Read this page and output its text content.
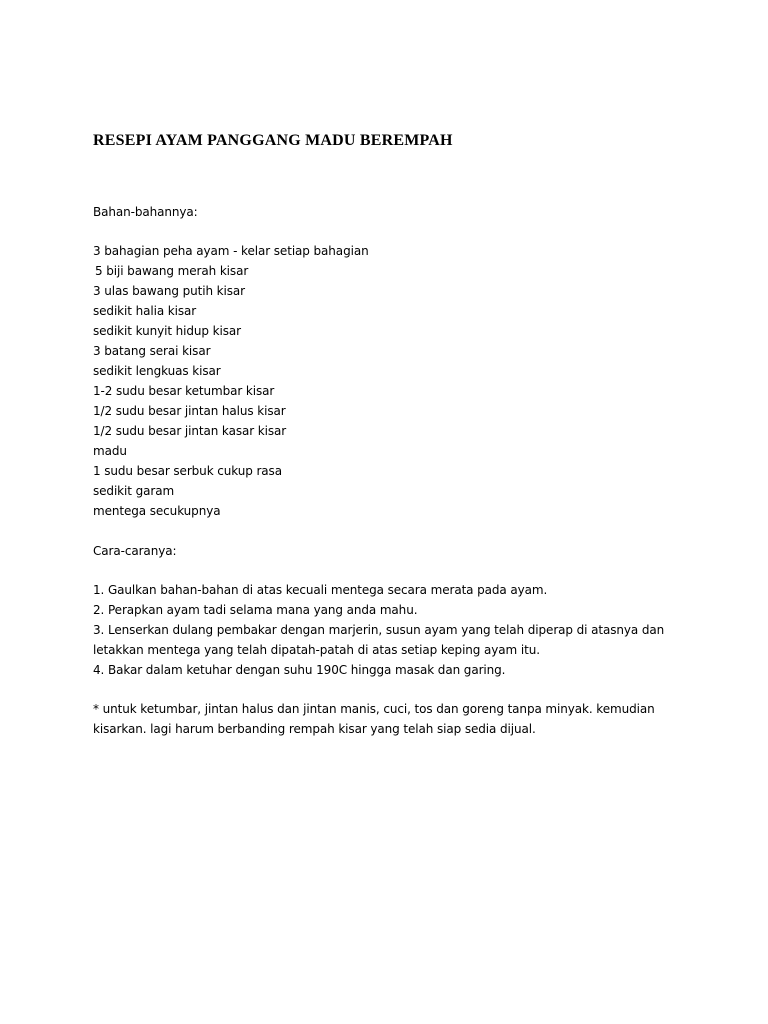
RESEPI AYAM PANGGANG MADU BEREMPAH

Bahan-bahannya:

3 bahagian peha ayam - kelar setiap bahagian
5 biji bawang merah kisar
3 ulas bawang putih kisar
sedikit halia kisar
sedikit kunyit hidup kisar
3 batang serai kisar
sedikit lengkuas kisar
1-2 sudu besar ketumbar kisar
1/2 sudu besar jintan halus kisar
1/2 sudu besar jintan kasar kisar
madu
1 sudu besar serbuk cukup rasa
sedikit garam
mentega secukupnya

Cara-caranya:

1. Gaulkan bahan-bahan di atas kecuali mentega secara merata pada ayam.
2. Perapkan ayam tadi selama mana yang anda mahu.
3. Lenserkan dulang pembakar dengan marjerin, susun ayam yang telah diperap di atasnya dan
letakkan mentega yang telah dipatah-patah di atas setiap keping ayam itu.
4. Bakar dalam ketuhar dengan suhu 190C hingga masak dan garing.

* untuk ketumbar, jintan halus dan jintan manis, cuci, tos dan goreng tanpa minyak. kemudian
kisarkan. lagi harum berbanding rempah kisar yang telah siap sedia dijual.
